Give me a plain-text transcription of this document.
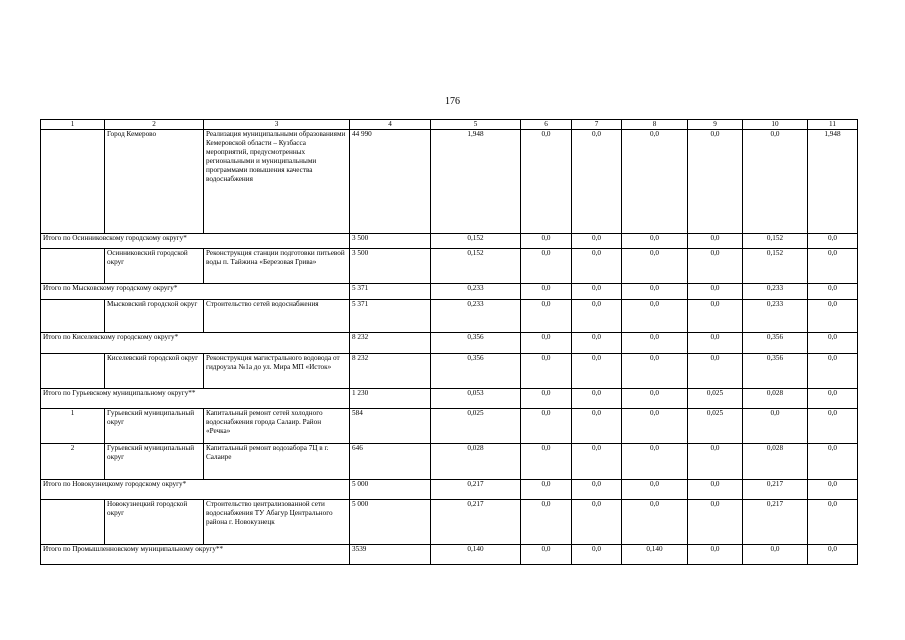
176
1	2	3	4	5	6	7	8	9	10	11
	Город Кемерово	Реализация муниципальными образованиями Кемеровской области – Кузбасса мероприятий, предусмотренных региональными и муниципальными программами повышения качества водоснабжения	44 990	1,948	0,0	0,0	0,0	0,0	0,0	1,948
Итого по Осинниковскому городскому округу*			3 500	0,152	0,0	0,0	0,0	0,0	0,152	0,0
	Осинниковский городской округ	Реконструкция станции подготовки питьевой воды п. Тайжина «Березовая Грива»	3 500	0,152	0,0	0,0	0,0	0,0	0,152	0,0
Итого по Мысковскому городскому округу*			5 371	0,233	0,0	0,0	0,0	0,0	0,233	0,0
	Мысковский городской округ	Строительство сетей водоснабжения	5 371	0,233	0,0	0,0	0,0	0,0	0,233	0,0
Итого по Киселевскому городскому округу*			8 232	0,356	0,0	0,0	0,0	0,0	0,356	0,0
	Киселевский городской округ	Реконструкция магистрального водовода от гидроузла №1а до ул. Мира МП «Исток»	8 232	0,356	0,0	0,0	0,0	0,0	0,356	0,0
Итого по Гурьевскому муниципальному округу**			1 230	0,053	0,0	0,0	0,0	0,025	0,028	0,0
1	Гурьевский муниципальный округ	Капитальный ремонт сетей холодного водоснабжения города Салаир. Район «Речка»	584	0,025	0,0	0,0	0,0	0,025	0,0	0,0
2	Гурьевский муниципальный округ	Капитальный ремонт водозабора 7Ц в г. Салаире	646	0,028	0,0	0,0	0,0	0,0	0,028	0,0
Итого по Новокузнецкому городскому округу*			5 000	0,217	0,0	0,0	0,0	0,0	0,217	0,0
	Новокузнецкий городской округ	Строительство централизованной сети водоснабжения ТУ Абагур Центрального района г. Новокузнецк	5 000	0,217	0,0	0,0	0,0	0,0	0,217	0,0
Итого по Промышленновскому муниципальному округу**			3539	0,140	0,0	0,0	0,140	0,0	0,0	0,0
